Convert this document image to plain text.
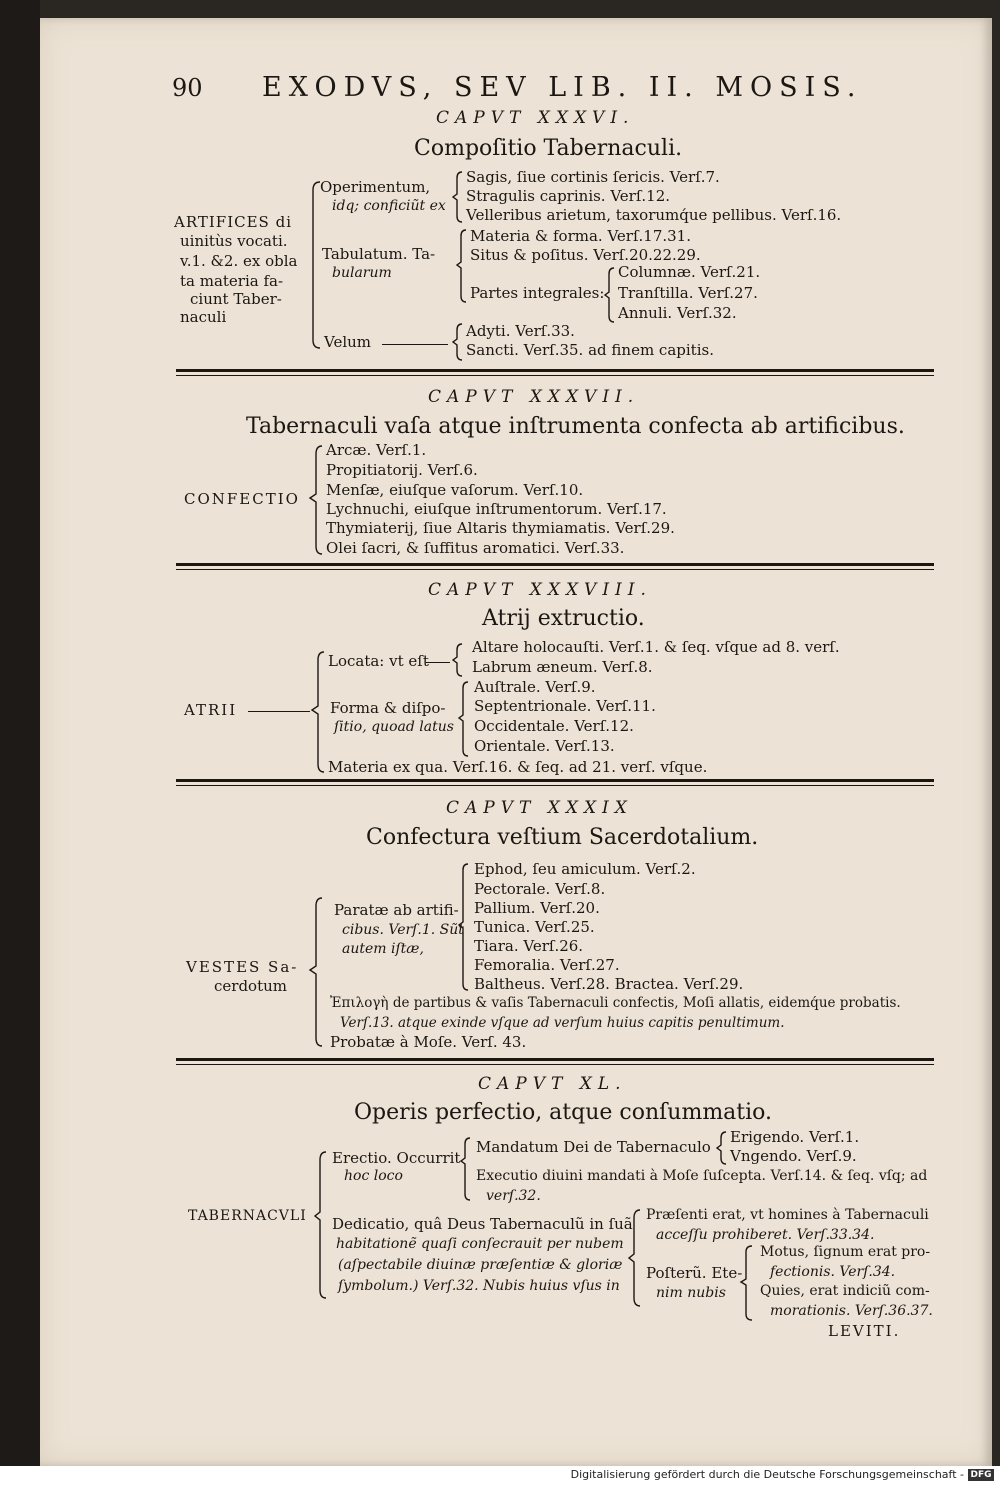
90 EXODVS, SEV LIB. II. MOSIS.
CAPVT XXXVI.
Compoſitio Tabernaculi.
ARTIFICES di
uinitùs vocati.
v.1. &2. ex obla
ta materia fa-
ciunt Taber-
naculi
Operimentum,
idq; conficiũt ex
Sagis, ſiue cortinis ſericis. Verſ.7.
Stragulis caprinis. Verſ.12.
Velleribus arietum, taxorumq́ue pellibus. Verſ.16.
Tabulatum. Ta-
bularum
Materia & forma. Verſ.17.31.
Situs & poſitus. Verſ.20.22.29.
Partes integrales:
Columnæ. Verſ.21.
Tranſtilla. Verſ.27.
Annuli. Verſ.32.
Velum
Adyti. Verſ.33.
Sancti. Verſ.35. ad finem capitis.
CAPVT XXXVII.
Tabernaculi vaſa atque inſtrumenta confecta ab artificibus.
CONFECTIO
Arcæ. Verſ.1.
Propitiatorij. Verſ.6.
Menſæ, eiuſque vaſorum. Verſ.10.
Lychnuchi, eiuſque inſtrumentorum. Verſ.17.
Thymiaterij, ſiue Altaris thymiamatis. Verſ.29.
Olei ſacri, & ſuffitus aromatici. Verſ.33.
CAPVT XXXVIII.
Atrij extructio.
ATRII
Locata: vt eſt
Altare holocauſti. Verſ.1. & ſeq. vſque ad 8. verſ.
Labrum æneum. Verſ.8.
Forma & diſpo-
ſitio, quoad latus
Auſtrale. Verſ.9.
Septentrionale. Verſ.11.
Occidentale. Verſ.12.
Orientale. Verſ.13.
Materia ex qua. Verſ.16. & ſeq. ad 21. verſ. vſque.
CAPVT XXXIX
Confectura veſtium Sacerdotalium.
VESTES Sa-
cerdotum
Paratæ ab artifi-
cibus. Verſ.1. Sũt
autem iſtæ,
Ephod, ſeu amiculum. Verſ.2.
Pectorale. Verſ.8.
Pallium. Verſ.20.
Tunica. Verſ.25.
Tiara. Verſ.26.
Femoralia. Verſ.27.
Baltheus. Verſ.28. Bractea. Verſ.29.
Ἐπιλογὴ de partibus & vaſis Tabernaculi confectis, Moſi allatis, eidemq́ue probatis.
Verſ.13. atque exinde vſque ad verſum huius capitis penultimum.
Probatæ à Moſe. Verſ. 43.
CAPVT XL.
Operis perfectio, atque conſummatio.
TABERNACVLI
Erectio. Occurrit
hoc loco
Mandatum Dei de Tabernaculo
Erigendo. Verſ.1.
Vngendo. Verſ.9.
Executio diuini mandati à Moſe ſuſcepta. Verſ.14. & ſeq. vſq; ad
verſ.32.
Dedicatio, quâ Deus Tabernaculũ in ſuã
habitationẽ quaſi conſecrauit per nubem
(aſpectabile diuinæ præſentiæ & gloriæ
ſymbolum.) Verſ.32. Nubis huius vſus in
Præſenti erat, vt homines à Tabernaculi
acceſſu prohiberet. Verſ.33.34.
Poſterũ. Ete-
nim nubis
Motus, ſignum erat pro-
fectionis. Verſ.34.
Quies, erat indiciũ com-
morationis. Verſ.36.37.
LEVITI.
Digitalisierung gefördert durch die Deutsche Forschungsgemeinschaft - DFG
